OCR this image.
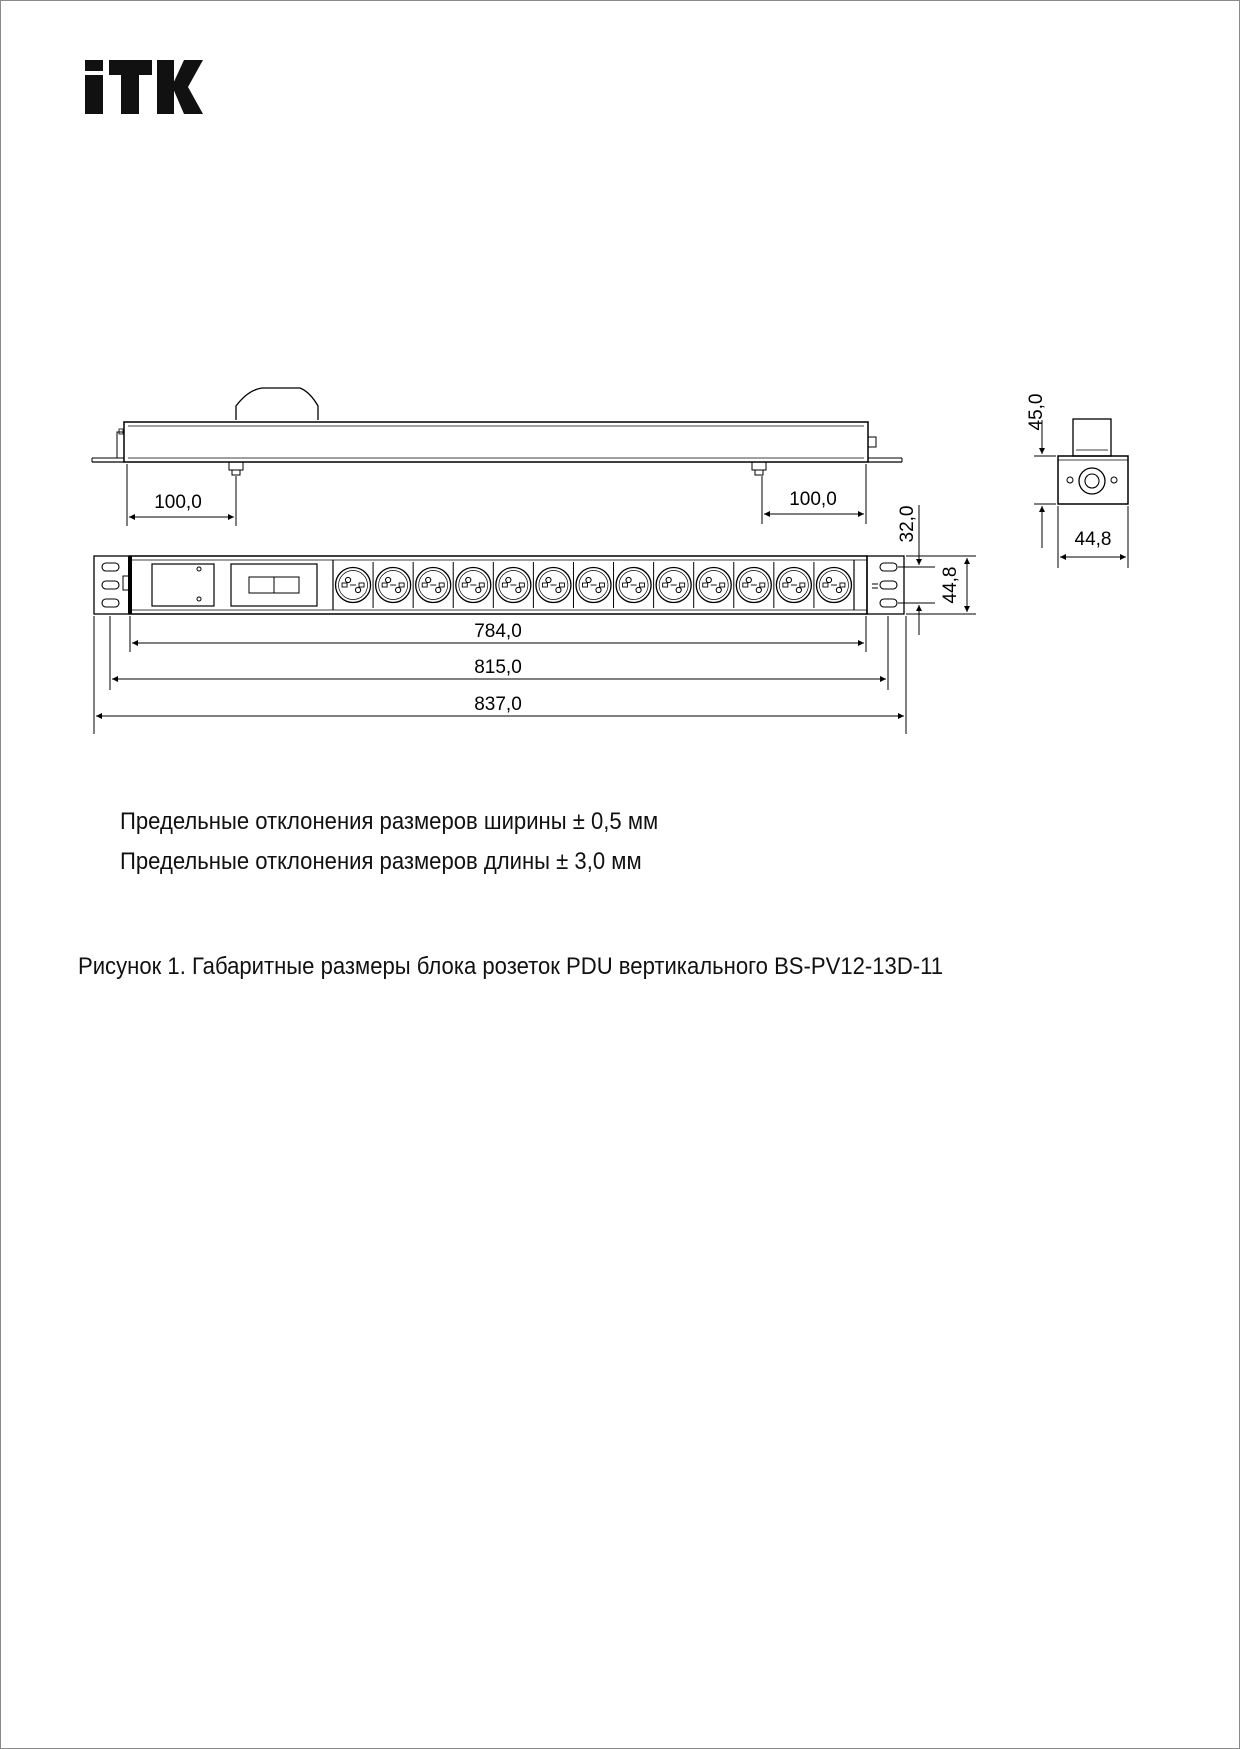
100,0	100,0
784,0
815,0
837,0
32,0
44,8
45,0
44,8
Предельные отклонения размеров ширины ± 0,5 мм
Предельные отклонения размеров длины ± 3,0 мм
Рисунок 1. Габаритные размеры блока розеток PDU вертикального BS-PV12-13D-11
